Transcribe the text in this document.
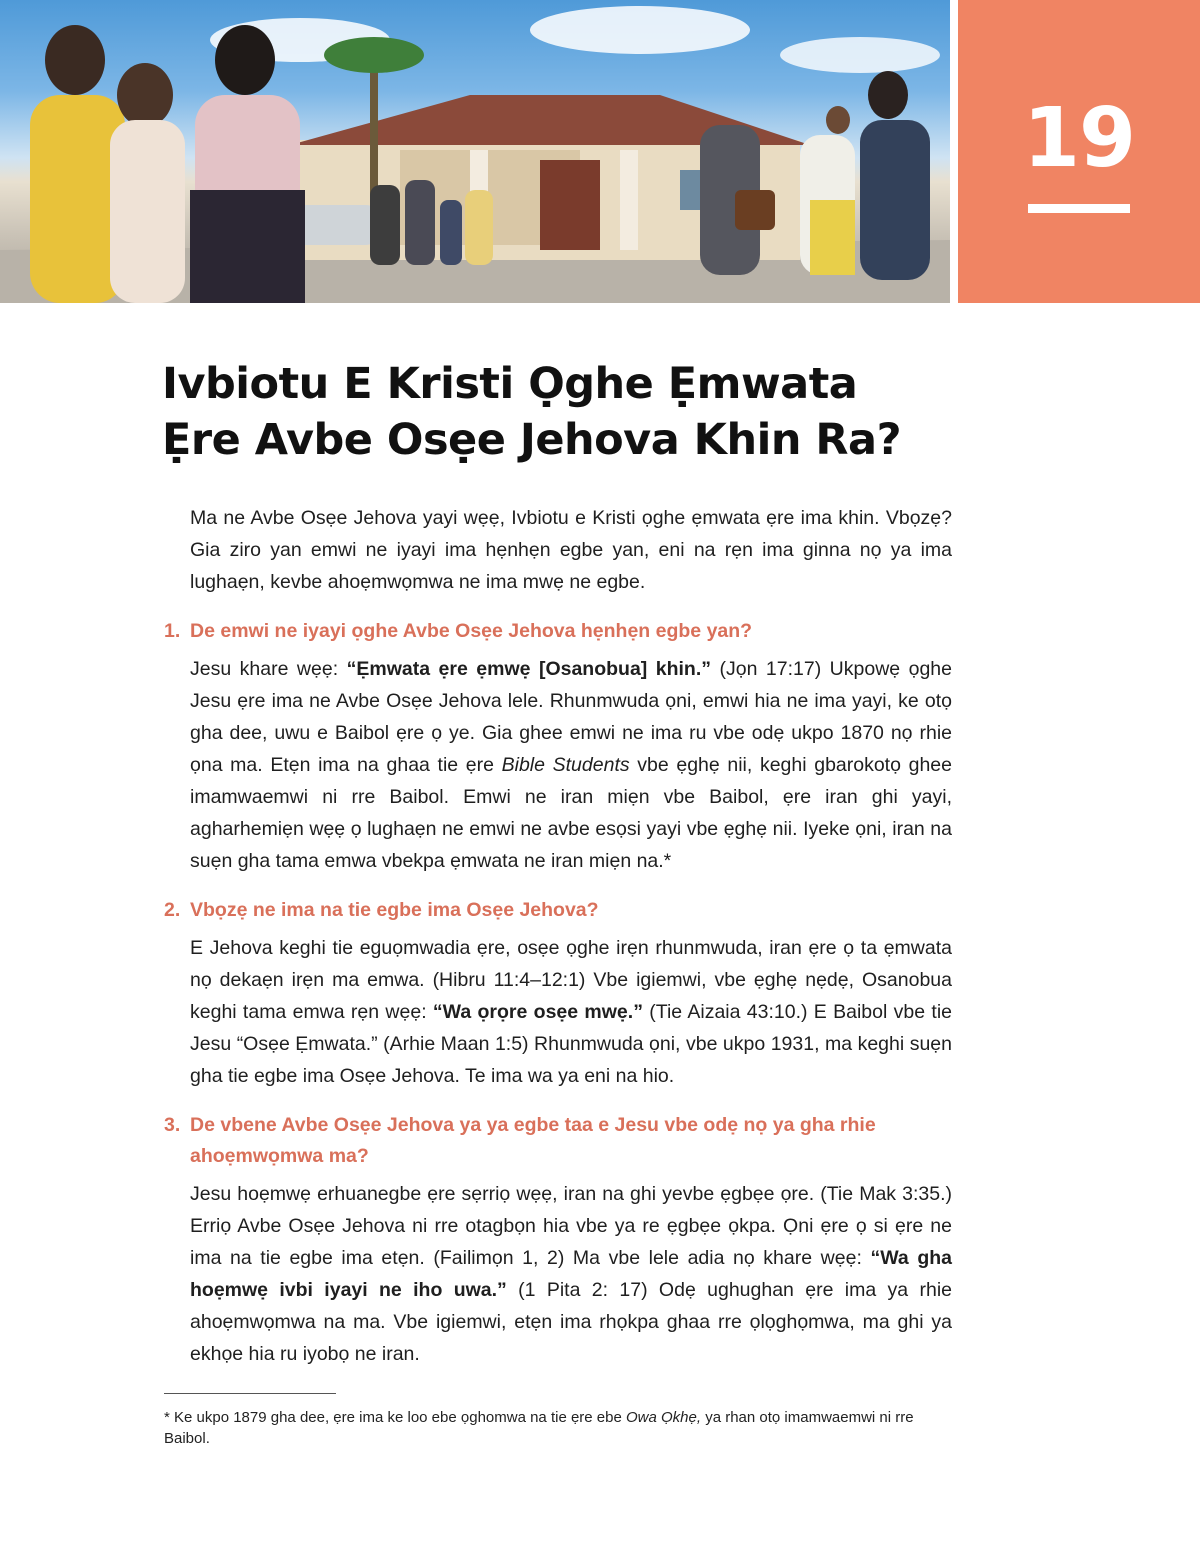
19
Ivbiotu E Kristi Ọghe Ẹmwata
Ẹre Avbe Osẹe Jehova Khin Ra?

Ma ne Avbe Osẹe Jehova yayi wẹẹ, Ivbiotu e Kristi ọghe ẹmwata ẹre ima khin. Vbọzẹ? Gia ziro yan emwi ne iyayi ima hẹnhẹn egbe yan, eni na rẹn ima ginna nọ ya ima lughaẹn, kevbe ahoẹmwọmwa ne ima mwẹ ne egbe.

1. De emwi ne iyayi ọghe Avbe Osẹe Jehova hẹnhẹn egbe yan?

Jesu khare wẹẹ: “Ẹmwata ẹre ẹmwẹ [Osanobua] khin.” (Jọn 17:17) Ukpowẹ ọghe Jesu ẹre ima ne Avbe Osẹe Jehova lele. Rhunmwuda ọni, emwi hia ne ima yayi, ke otọ gha dee, uwu e Baibol ẹre ọ ye. Gia ghee emwi ne ima ru vbe odẹ ukpo 1870 nọ rhie ọna ma. Etẹn ima na ghaa tie ẹre Bible Students vbe ẹghẹ nii, keghi gbarokotọ ghee imamwaemwi ni rre Baibol. Emwi ne iran miẹn vbe Baibol, ẹre iran ghi yayi, agharhemiẹn wẹẹ ọ lughaẹn ne emwi ne avbe esọsi yayi vbe ẹghẹ nii. Iyeke ọni, iran na suẹn gha tama emwa vbekpa ẹmwata ne iran miẹn na.*

2. Vbọzẹ ne ima na tie egbe ima Osẹe Jehova?

E Jehova keghi tie eguọmwadia ẹre, osẹe ọghe irẹn rhunmwuda, iran ẹre ọ ta ẹmwata nọ dekaẹn irẹn ma emwa. (Hibru 11:4–12:1) Vbe igiemwi, vbe ẹghẹ nẹdẹ, Osanobua keghi tama emwa rẹn wẹẹ: “Wa ọrọre osẹe mwẹ.” (Tie Aizaia 43:10.) E Baibol vbe tie Jesu “Osẹe Ẹmwata.” (Arhie Maan 1:5) Rhunmwuda ọni, vbe ukpo 1931, ma keghi suẹn gha tie egbe ima Osẹe Jehova. Te ima wa ya eni na hio.

3. De vbene Avbe Osẹe Jehova ya ya egbe taa e Jesu vbe odẹ nọ ya gha rhie ahoẹmwọmwa ma?

Jesu hoẹmwẹ erhuanegbe ẹre sẹrriọ wẹẹ, iran na ghi yevbe ẹgbẹe ọre. (Tie Mak 3:35.) Erriọ Avbe Osẹe Jehova ni rre otagbọn hia vbe ya re ẹgbẹe ọkpa. Ọni ẹre ọ si ẹre ne ima na tie egbe ima etẹn. (Failimọn 1, 2) Ma vbe lele adia nọ khare wẹẹ: “Wa gha hoẹmwẹ ivbi iyayi ne iho uwa.” (1 Pita 2: 17) Odẹ ughughan ẹre ima ya rhie ahoẹmwọmwa na ma. Vbe igiemwi, etẹn ima rhọkpa ghaa rre ọlọghọmwa, ma ghi ya ekhọe hia ru iyobọ ne iran.

* Ke ukpo 1879 gha dee, ẹre ima ke loo ebe ọghomwa na tie ẹre ebe Owa Ọkhẹ, ya rhan otọ imamwaemwi ni rre Baibol.
